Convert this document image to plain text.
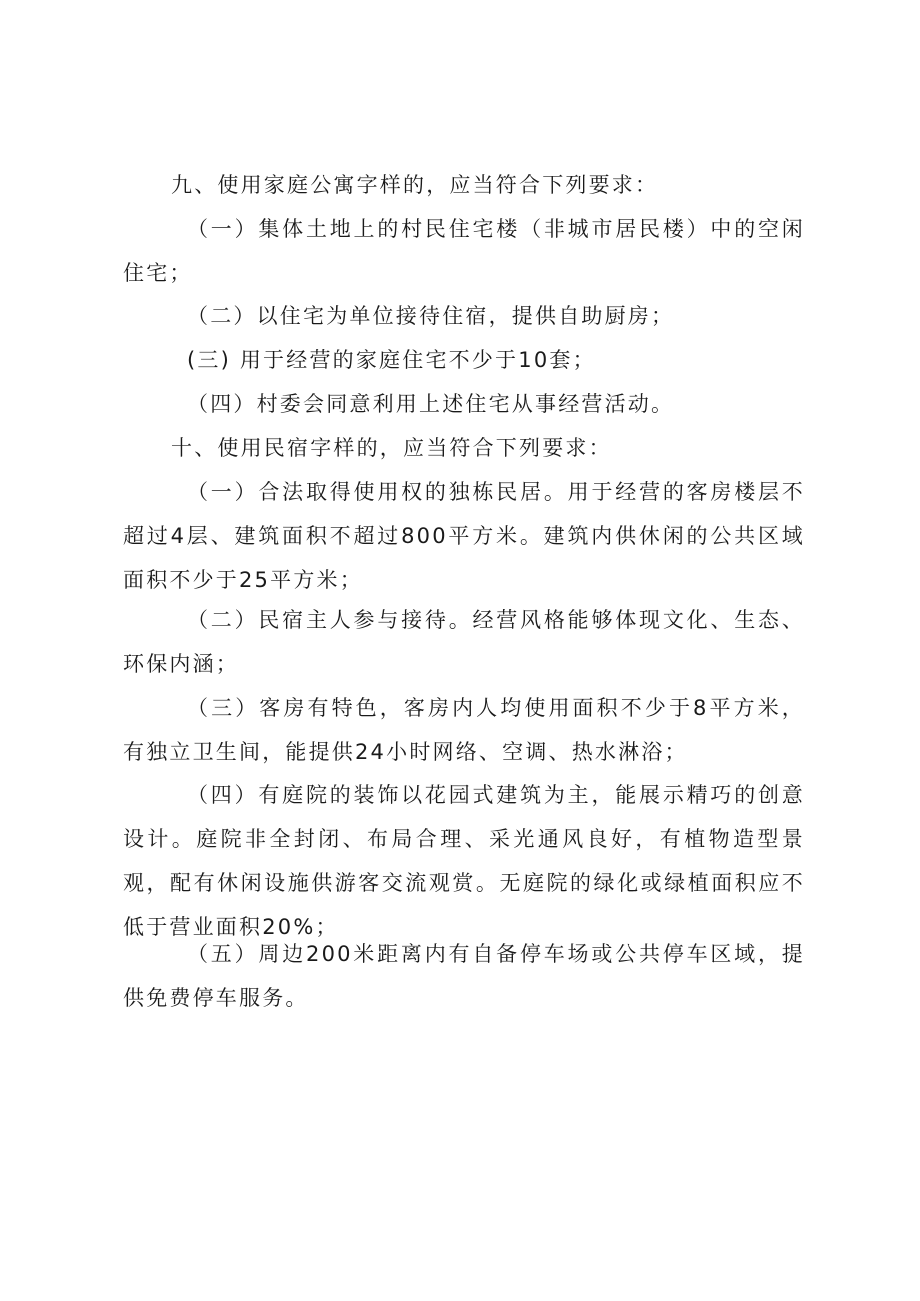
九、使用家庭公寓字样的，应当符合下列要求：

（一）集体土地上的村民住宅楼（非城市居民楼）中的空闲住宅；

（二）以住宅为单位接待住宿，提供自助厨房；

(三) 用于经营的家庭住宅不少于10套；

（四）村委会同意利用上述住宅从事经营活动。

十、使用民宿字样的，应当符合下列要求：

（一）合法取得使用权的独栋民居。用于经营的客房楼层不超过4层、建筑面积不超过800平方米。建筑内供休闲的公共区域面积不少于25平方米；

（二）民宿主人参与接待。经营风格能够体现文化、生态、环保内涵；

（三）客房有特色，客房内人均使用面积不少于8平方米，有独立卫生间，能提供24小时网络、空调、热水淋浴；

（四）有庭院的装饰以花园式建筑为主，能展示精巧的创意设计。庭院非全封闭、布局合理、采光通风良好，有植物造型景观，配有休闲设施供游客交流观赏。无庭院的绿化或绿植面积应不低于营业面积20%；

（五）周边200米距离内有自备停车场或公共停车区域，提供免费停车服务。
